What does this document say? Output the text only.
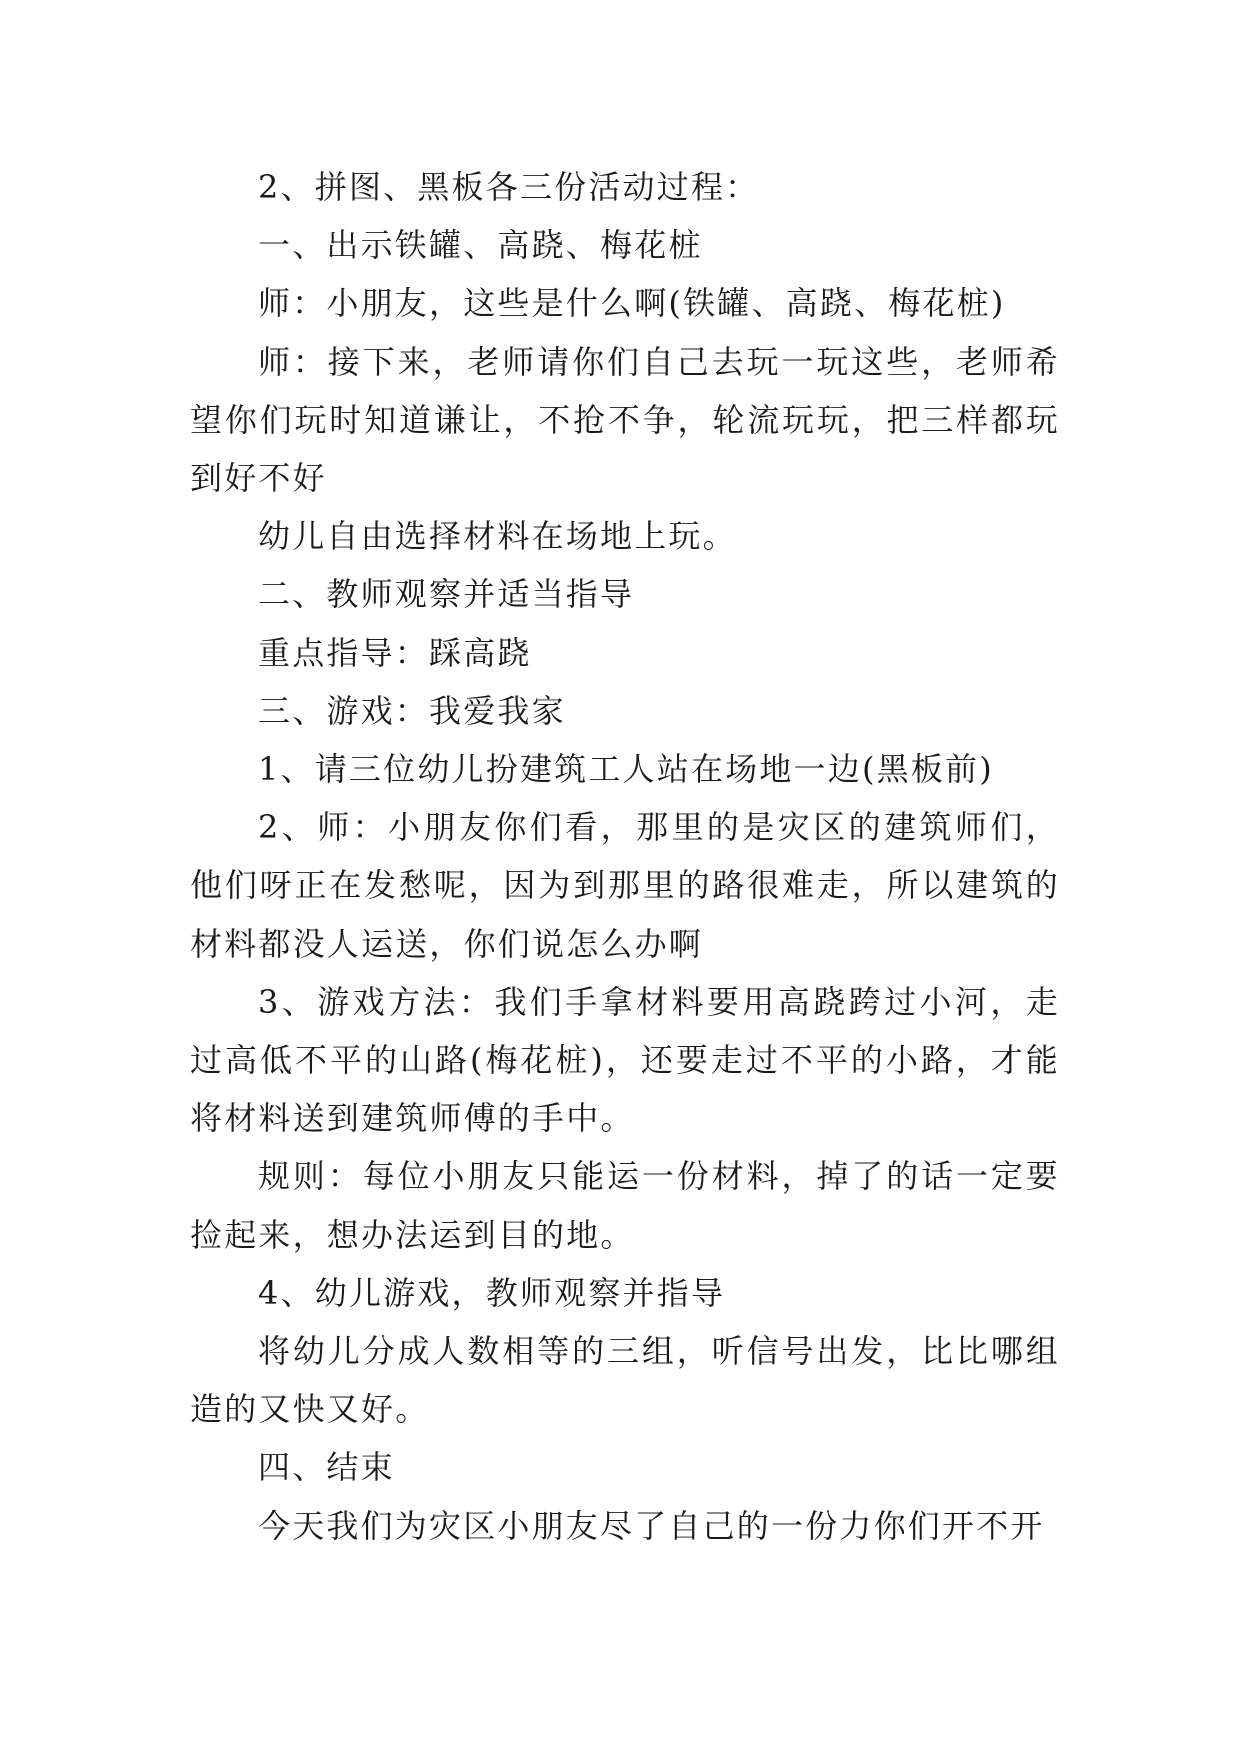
2、拼图、黑板各三份活动过程：

一、出示铁罐、高跷、梅花桩

师：小朋友，这些是什么啊(铁罐、高跷、梅花桩)

师：接下来，老师请你们自己去玩一玩这些，老师希望你们玩时知道谦让，不抢不争，轮流玩玩，把三样都玩到好不好

幼儿自由选择材料在场地上玩。

二、教师观察并适当指导

重点指导：踩高跷

三、游戏：我爱我家

1、请三位幼儿扮建筑工人站在场地一边(黑板前)

2、师：小朋友你们看，那里的是灾区的建筑师们，他们呀正在发愁呢，因为到那里的路很难走，所以建筑的材料都没人运送，你们说怎么办啊

3、游戏方法：我们手拿材料要用高跷跨过小河，走过高低不平的山路(梅花桩)，还要走过不平的小路，才能将材料送到建筑师傅的手中。

规则：每位小朋友只能运一份材料，掉了的话一定要捡起来，想办法运到目的地。

4、幼儿游戏，教师观察并指导

将幼儿分成人数相等的三组，听信号出发，比比哪组造的又快又好。

四、结束

今天我们为灾区小朋友尽了自己的一份力你们开不开
